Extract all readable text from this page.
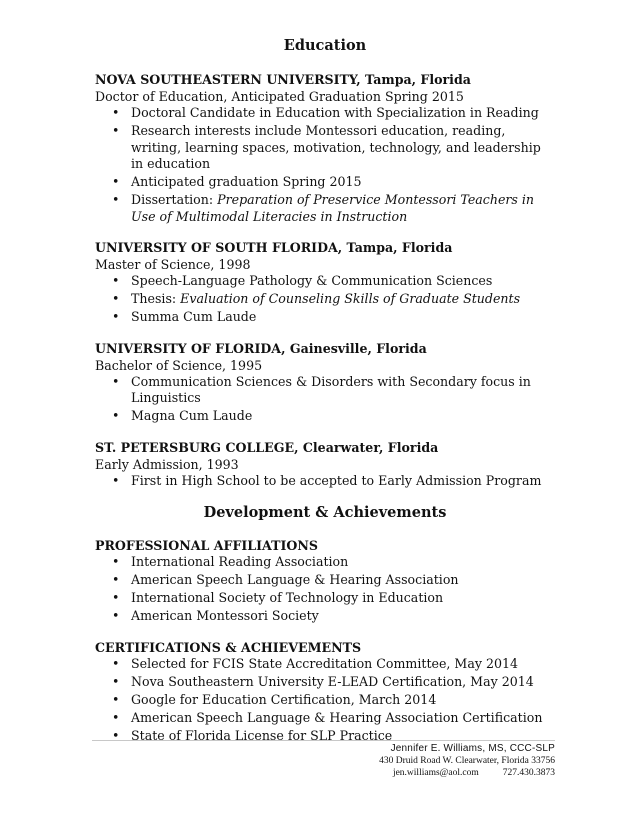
Education
NOVA SOUTHEASTERN UNIVERSITY, Tampa, Florida
Doctor of Education, Anticipated Graduation Spring 2015
• Doctoral Candidate in Education with Specialization in Reading
• Research interests include Montessori education, reading, writing, learning spaces, motivation, technology, and leadership in education
• Anticipated graduation Spring 2015
• Dissertation: Preparation of Preservice Montessori Teachers in Use of Multimodal Literacies in Instruction
UNIVERSITY OF SOUTH FLORIDA, Tampa, Florida
Master of Science, 1998
• Speech-Language Pathology & Communication Sciences
• Thesis: Evaluation of Counseling Skills of Graduate Students
• Summa Cum Laude
UNIVERSITY OF FLORIDA, Gainesville, Florida
Bachelor of Science, 1995
• Communication Sciences & Disorders with Secondary focus in Linguistics
• Magna Cum Laude
ST. PETERSBURG COLLEGE, Clearwater, Florida
Early Admission, 1993
• First in High School to be accepted to Early Admission Program
Development & Achievements
PROFESSIONAL AFFILIATIONS
• International Reading Association
• American Speech Language & Hearing Association
• International Society of Technology in Education
• American Montessori Society
CERTIFICATIONS & ACHIEVEMENTS
• Selected for FCIS State Accreditation Committee, May 2014
• Nova Southeastern University E-LEAD Certification, May 2014
• Google for Education Certification, March 2014
• American Speech Language & Hearing Association Certification
• State of Florida License for SLP Practice
Jennifer E. Williams, MS, CCC-SLP
430 Druid Road W. Clearwater, Florida 33756
jen.williams@aol.com	727.430.3873
